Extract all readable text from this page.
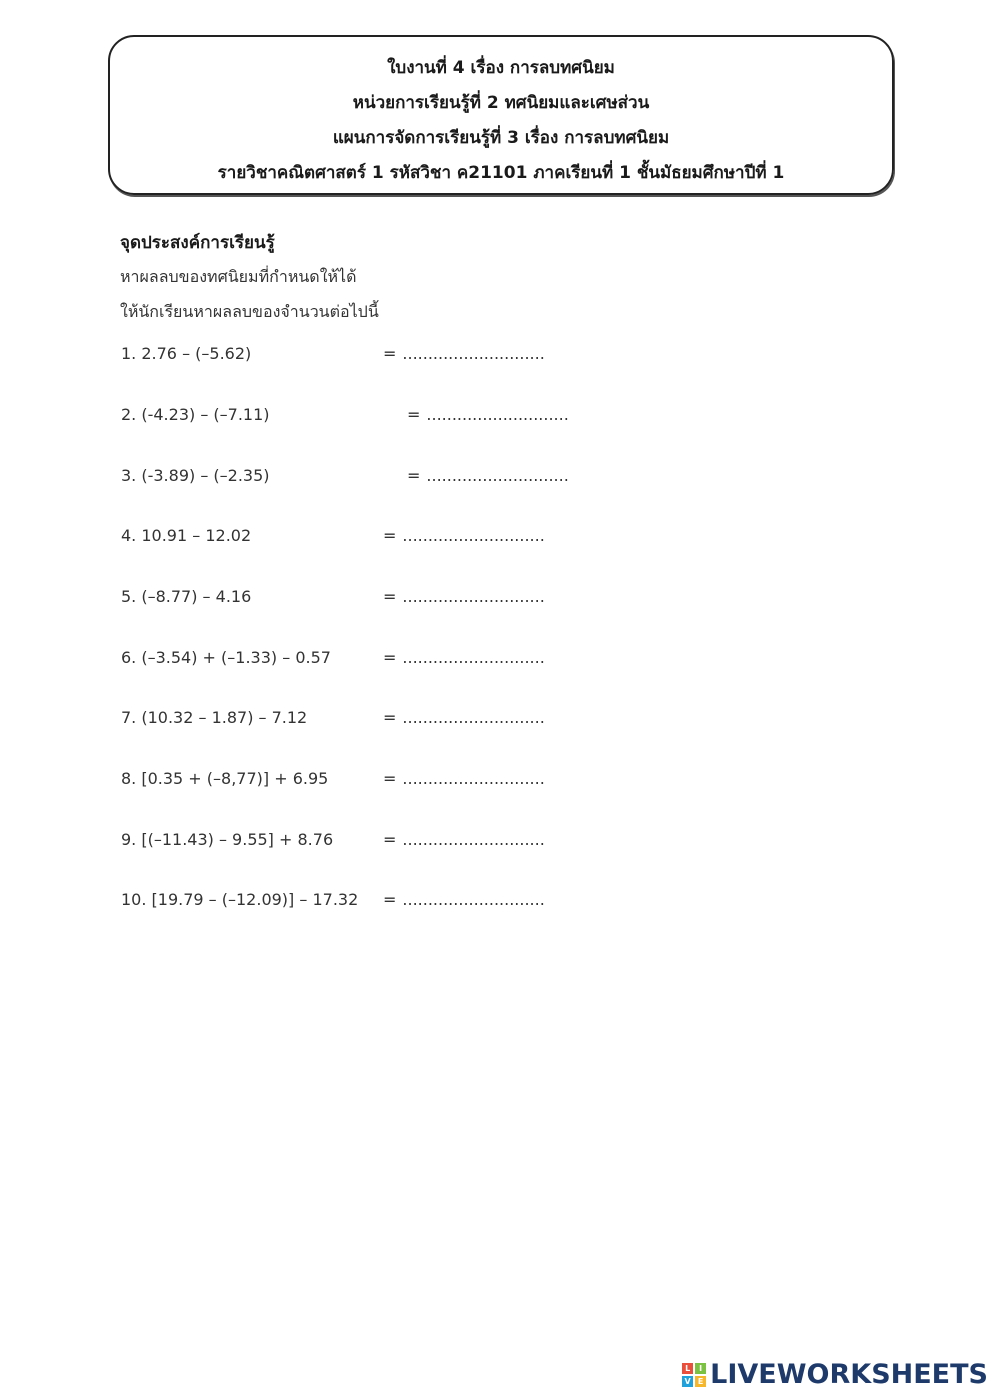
ใบงานที่ 4 เรื่อง การลบทศนิยม
หน่วยการเรียนรู้ที่ 2 ทศนิยมและเศษส่วน
แผนการจัดการเรียนรู้ที่ 3 เรื่อง การลบทศนิยม
รายวิชาคณิตศาสตร์ 1 รหัสวิชา ค21101 ภาคเรียนที่ 1 ชั้นมัธยมศึกษาปีที่ 1
จุดประสงค์การเรียนรู้
หาผลลบของทศนิยมที่กำหนดให้ได้
ให้นักเรียนหาผลลบของจำนวนต่อไปนี้
1. 2.76 – (–5.62)	= ............................
2. (-4.23) – (–7.11)	= ............................
3. (-3.89) – (–2.35)	= ............................
4. 10.91 – 12.02	= ............................
5. (–8.77) – 4.16	= ............................
6. (–3.54) + (–1.33) – 0.57	= ............................
7. (10.32 – 1.87) – 7.12	= ............................
8. [0.35 + (–8,77)] + 6.95	= ............................
9. [(–11.43) – 9.55] + 8.76	= ............................
10. [19.79 – (–12.09)] – 17.32 = ............................
L	I
V E LIVEWORKSHEETS
